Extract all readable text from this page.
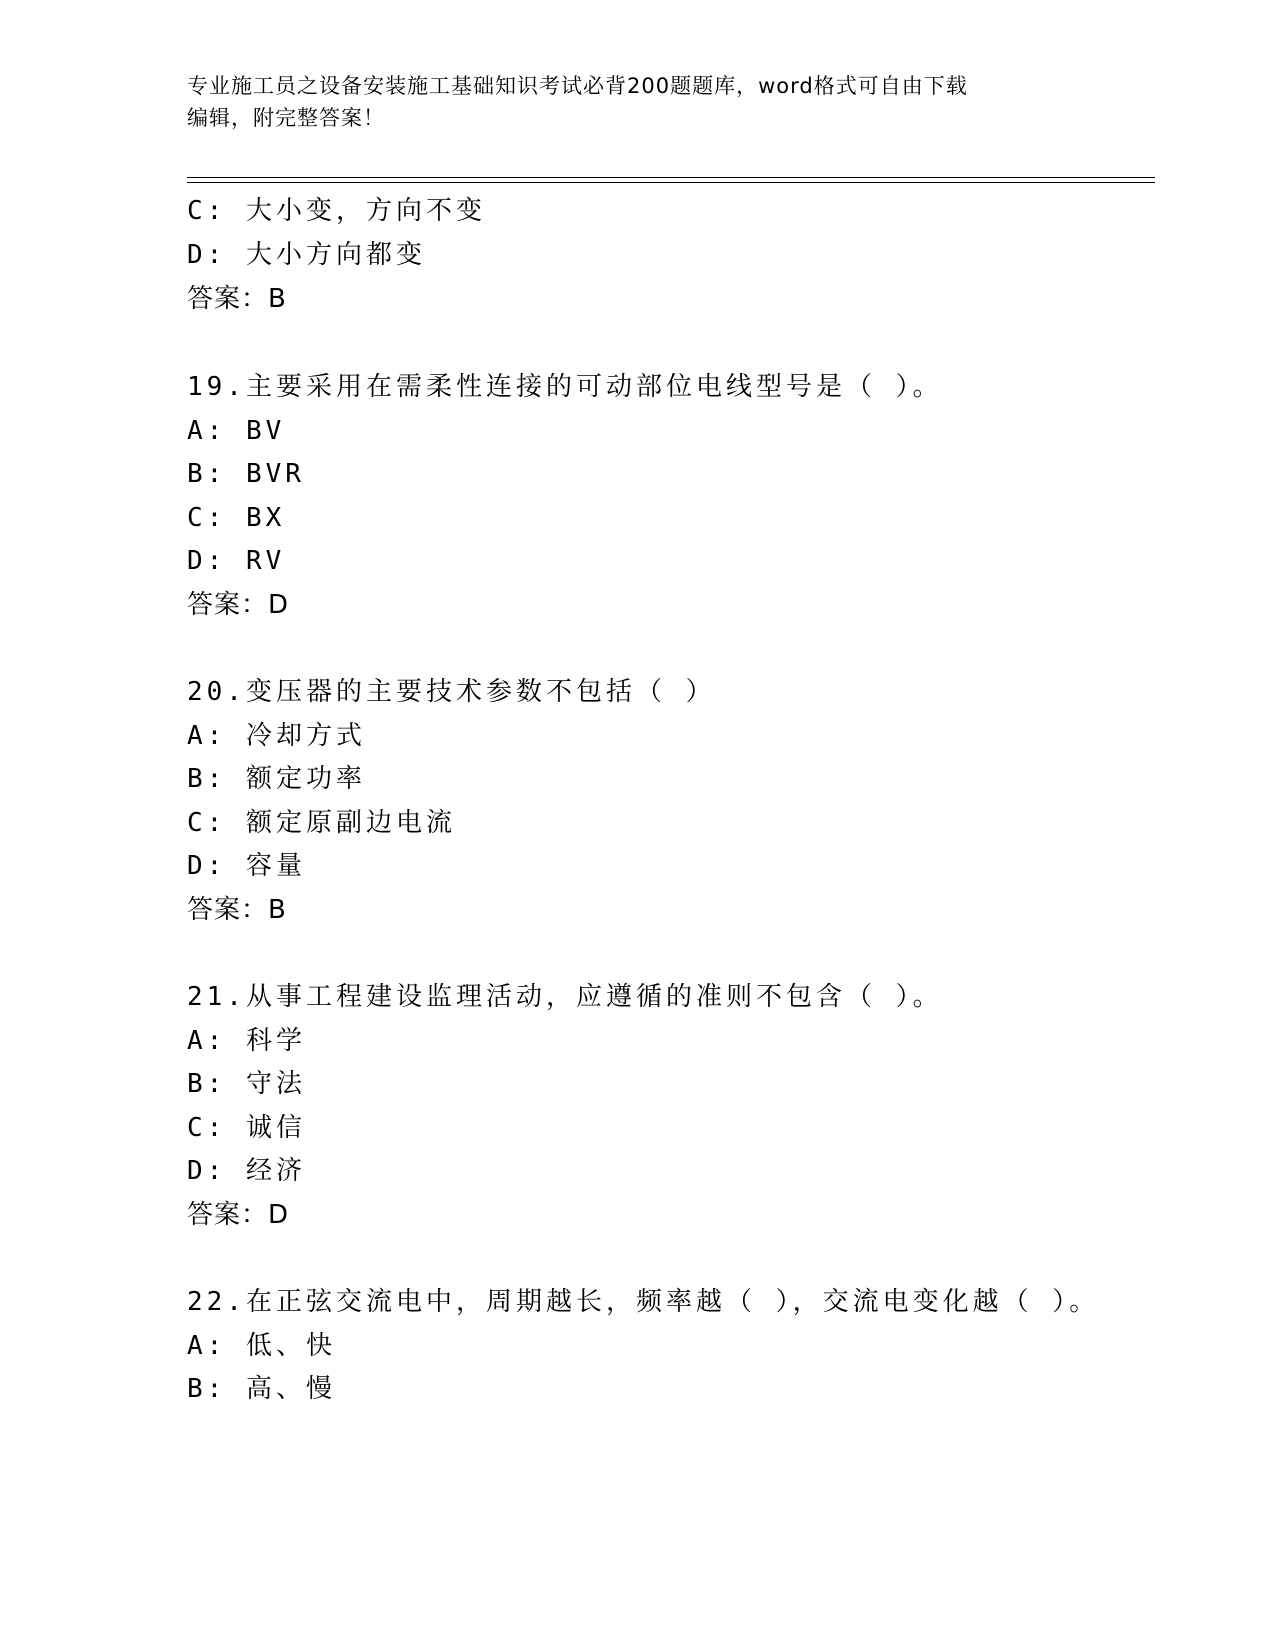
专业施工员之设备安装施工基础知识考试必背200题题库，word格式可自由下载
编辑，附完整答案！
C: 大小变，方向不变
D: 大小方向都变
答案：B
19.主要采用在需柔性连接的可动部位电线型号是（ ）。
A: BV
B: BVR
C: BX
D: RV
答案：D
20.变压器的主要技术参数不包括（ ）
A: 冷却方式
B: 额定功率
C: 额定原副边电流
D: 容量
答案：B
21.从事工程建设监理活动，应遵循的准则不包含（ ）。
A: 科学
B: 守法
C: 诚信
D: 经济
答案：D
22.在正弦交流电中，周期越长，频率越（ ），交流电变化越（ ）。
A: 低、快
B: 高、慢
